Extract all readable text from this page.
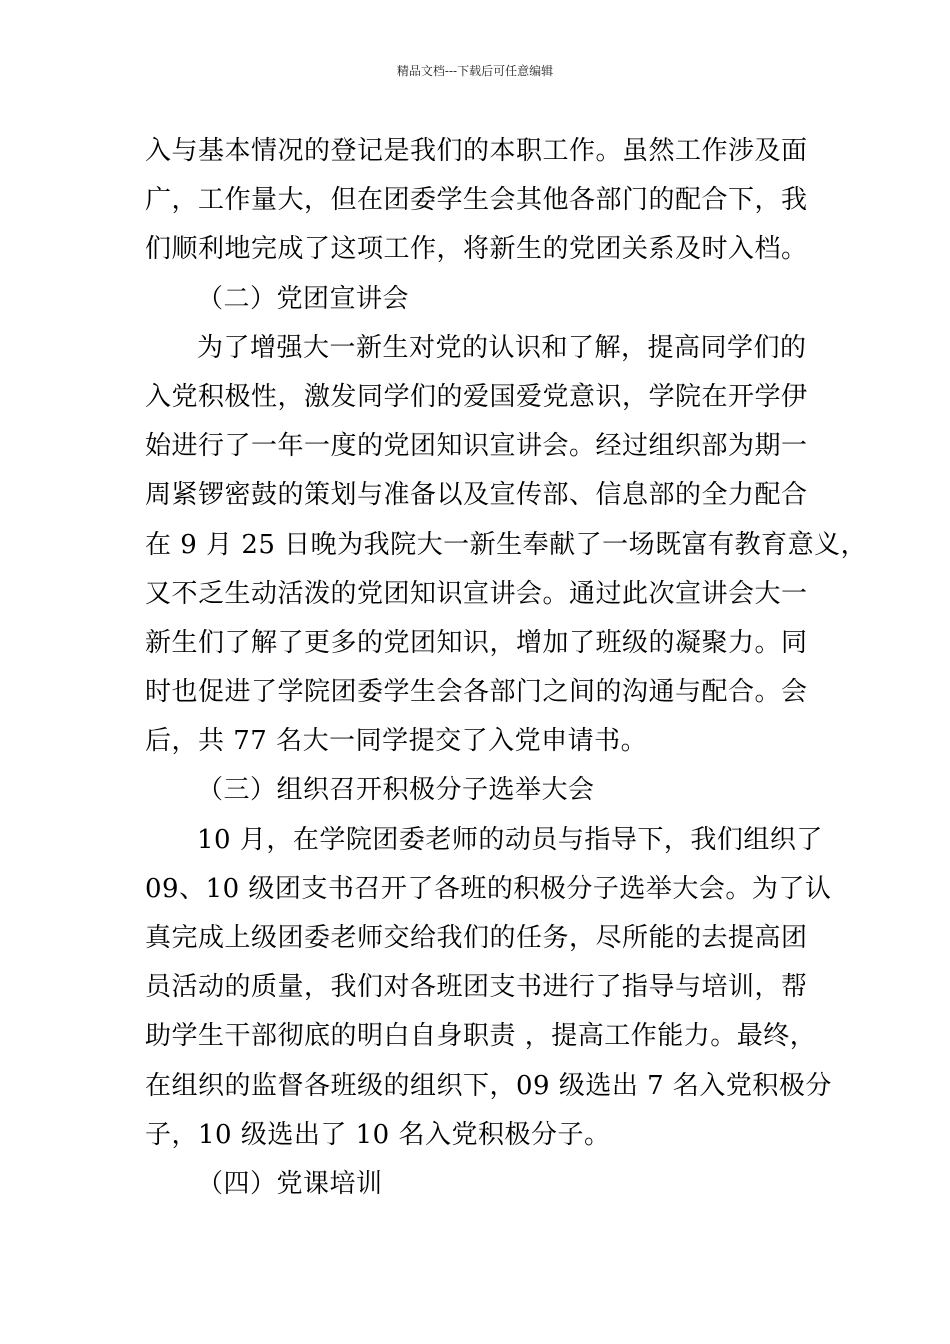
精品文档---下载后可任意编辑
入与基本情况的登记是我们的本职工作。虽然工作涉及面
广，工作量大，但在团委学生会其他各部门的配合下，我
们顺利地完成了这项工作，将新生的党团关系及时入档。
（二）党团宣讲会
为了增强大一新生对党的认识和了解，提高同学们的
入党积极性，激发同学们的爱国爱党意识，学院在开学伊
始进行了一年一度的党团知识宣讲会。经过组织部为期一
周紧锣密鼓的策划与准备以及宣传部、信息部的全力配合
在 9 月 25 日晚为我院大一新生奉献了一场既富有教育意义，
又不乏生动活泼的党团知识宣讲会。通过此次宣讲会大一
新生们了解了更多的党团知识，增加了班级的凝聚力。同
时也促进了学院团委学生会各部门之间的沟通与配合。会
后，共 77 名大一同学提交了入党申请书。
（三）组织召开积极分子选举大会
10 月，在学院团委老师的动员与指导下，我们组织了
09、10 级团支书召开了各班的积极分子选举大会。为了认
真完成上级团委老师交给我们的任务，尽所能的去提高团
员活动的质量，我们对各班团支书进行了指导与培训，帮
助学生干部彻底的明白自身职责 ，提高工作能力。最终，
在组织的监督各班级的组织下，09 级选出 7 名入党积极分
子，10 级选出了 10 名入党积极分子。
（四）党课培训
